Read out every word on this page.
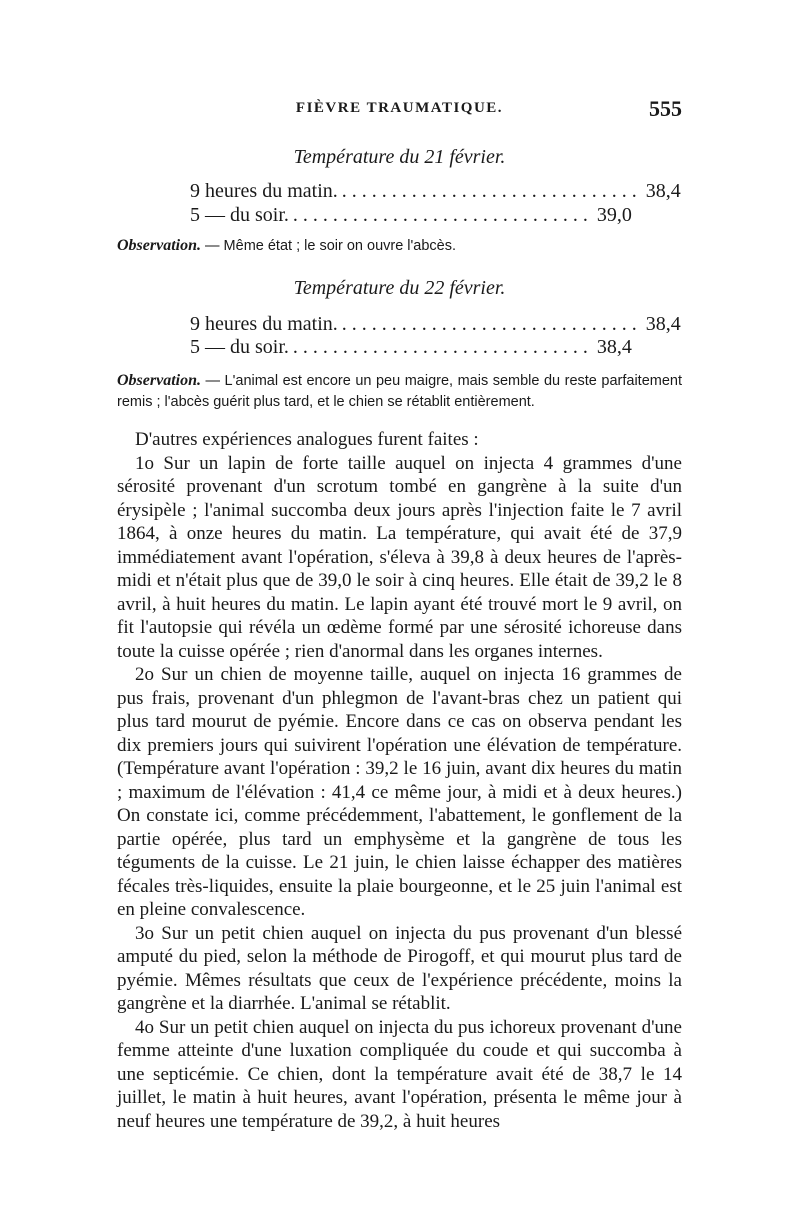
FIÈVRE TRAUMATIQUE.	555
Température du 21 février.
9 heures du matin. .............................. 38,4
5 — du soir. .............................. 39,0
Observation. — Même état ; le soir on ouvre l'abcès.
Température du 22 février.
9 heures du matin. .............................. 38,4
5 — du soir. .............................. 38,4
Observation. — L'animal est encore un peu maigre, mais semble du reste parfaitement remis ; l'abcès guérit plus tard, et le chien se rétablit entièrement.

D'autres expériences analogues furent faites :

1o Sur un lapin de forte taille auquel on injecta 4 grammes d'une sérosité provenant d'un scrotum tombé en gangrène à la suite d'un érysipèle ; l'animal succomba deux jours après l'injection faite le 7 avril 1864, à onze heures du matin. La température, qui avait été de 37,9 immédiatement avant l'opération, s'éleva à 39,8 à deux heures de l'après-midi et n'était plus que de 39,0 le soir à cinq heures. Elle était de 39,2 le 8 avril, à huit heures du matin. Le lapin ayant été trouvé mort le 9 avril, on fit l'autopsie qui révéla un œdème formé par une sérosité ichoreuse dans toute la cuisse opérée ; rien d'anormal dans les organes internes.

2o Sur un chien de moyenne taille, auquel on injecta 16 grammes de pus frais, provenant d'un phlegmon de l'avant-bras chez un patient qui plus tard mourut de pyémie. Encore dans ce cas on observa pendant les dix premiers jours qui suivirent l'opération une élévation de température. (Température avant l'opération : 39,2 le 16 juin, avant dix heures du matin ; maximum de l'élévation : 41,4 ce même jour, à midi et à deux heures.) On constate ici, comme précédemment, l'abattement, le gonflement de la partie opérée, plus tard un emphysème et la gangrène de tous les téguments de la cuisse. Le 21 juin, le chien laisse échapper des matières fécales très-liquides, ensuite la plaie bourgeonne, et le 25 juin l'animal est en pleine convalescence.

3o Sur un petit chien auquel on injecta du pus provenant d'un blessé amputé du pied, selon la méthode de Pirogoff, et qui mourut plus tard de pyémie. Mêmes résultats que ceux de l'expérience précédente, moins la gangrène et la diarrhée. L'animal se rétablit.

4o Sur un petit chien auquel on injecta du pus ichoreux provenant d'une femme atteinte d'une luxation compliquée du coude et qui succomba à une septicémie. Ce chien, dont la température avait été de 38,7 le 14 juillet, le matin à huit heures, avant l'opération, présenta le même jour à neuf heures une température de 39,2, à huit heures
